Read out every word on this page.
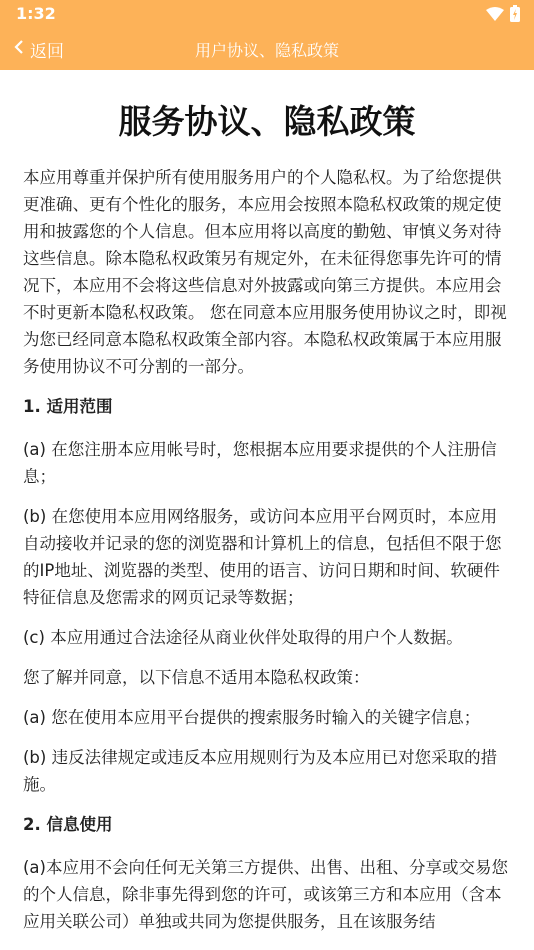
1:32
返回	用户协议、隐私政策
服务协议、隐私政策

本应用尊重并保护所有使用服务用户的个人隐私权。为了给您提供更准确、更有个性化的服务，本应用会按照本隐私权政策的规定使用和披露您的个人信息。但本应用将以高度的勤勉、审慎义务对待这些信息。除本隐私权政策另有规定外，在未征得您事先许可的情况下，本应用不会将这些信息对外披露或向第三方提供。本应用会不时更新本隐私权政策。 您在同意本应用服务使用协议之时，即视为您已经同意本隐私权政策全部内容。本隐私权政策属于本应用服务使用协议不可分割的一部分。

1. 适用范围

(a) 在您注册本应用帐号时，您根据本应用要求提供的个人注册信息；

(b) 在您使用本应用网络服务，或访问本应用平台网页时，本应用自动接收并记录的您的浏览器和计算机上的信息，包括但不限于您的IP地址、浏览器的类型、使用的语言、访问日期和时间、软硬件特征信息及您需求的网页记录等数据；

(c) 本应用通过合法途径从商业伙伴处取得的用户个人数据。

您了解并同意，以下信息不适用本隐私权政策：

(a) 您在使用本应用平台提供的搜索服务时输入的关键字信息；

(b) 违反法律规定或违反本应用规则行为及本应用已对您采取的措施。

2. 信息使用

(a)本应用不会向任何无关第三方提供、出售、出租、分享或交易您的个人信息，除非事先得到您的许可，或该第三方和本应用（含本应用关联公司）单独或共同为您提供服务，且在该服务结
